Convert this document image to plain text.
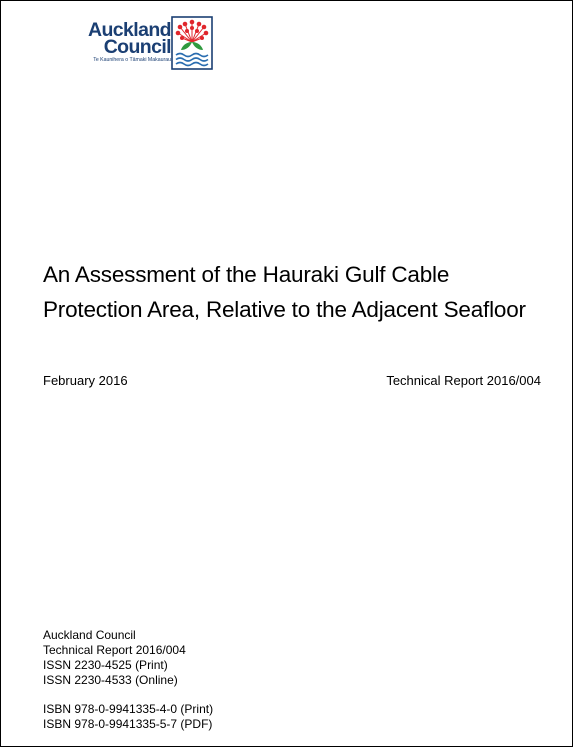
Auckland
Council
Te Kaunihera o Tāmaki Makaurau
An Assessment of the Hauraki Gulf Cable Protection Area, Relative to the Adjacent Seafloor
February 2016	Technical Report 2016/004
Auckland Council
Technical Report 2016/004
ISSN 2230-4525 (Print)
ISSN 2230-4533 (Online)
ISBN 978-0-9941335-4-0 (Print)
ISBN 978-0-9941335-5-7 (PDF)
